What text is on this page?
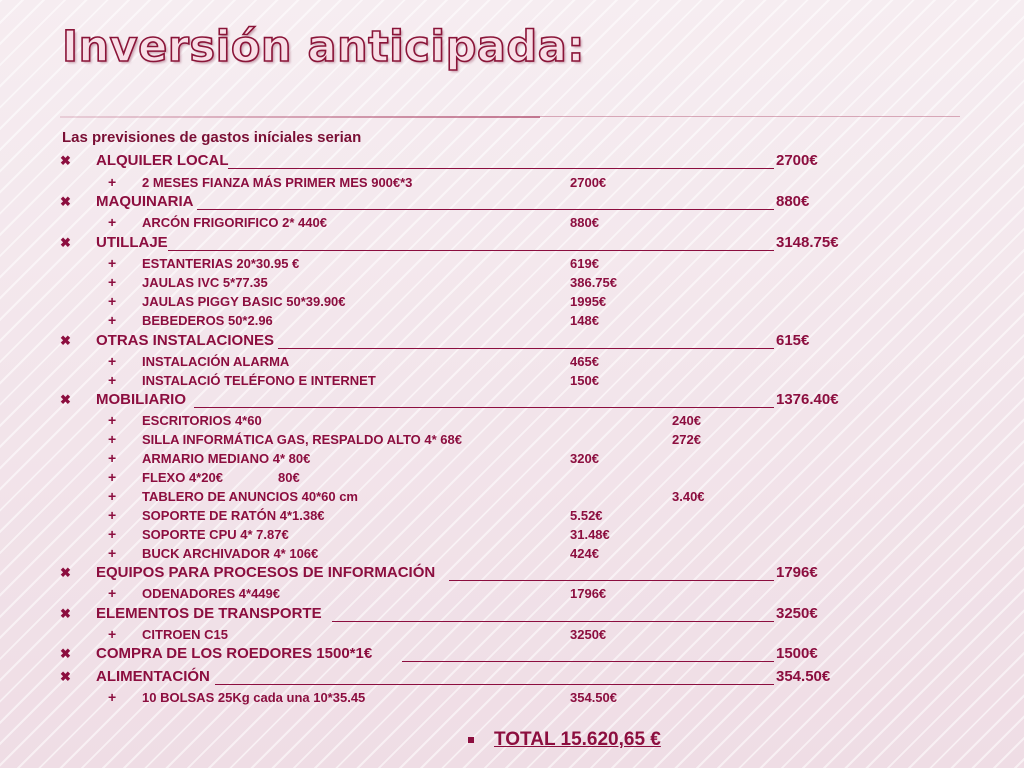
Inversión anticipada:
Las previsiones de gastos iníciales serian
✖ ALQUILER LOCAL	2700€
+ 2 MESES FIANZA MÁS PRIMER MES 900€*3	2700€
✖ MAQUINARIA	880€
+ ARCÓN FRIGORIFICO 2* 440€	880€
✖ UTILLAJE	3148.75€
+ ESTANTERIAS 20*30.95 €	619€
+ JAULAS IVC 5*77.35	386.75€
+ JAULAS PIGGY BASIC 50*39.90€	1995€
+ BEBEDEROS 50*2.96	148€
✖ OTRAS INSTALACIONES	615€
+ INSTALACIÓN ALARMA	465€
+ INSTALACIÓ TELÉFONO E INTERNET	150€
✖ MOBILIARIO	1376.40€
+ ESCRITORIOS 4*60	240€
+ SILLA INFORMÁTICA GAS, RESPALDO ALTO 4* 68€	272€
+ ARMARIO MEDIANO 4* 80€	320€
+ FLEXO 4*20€	80€
+ TABLERO DE ANUNCIOS 40*60 cm	3.40€
+ SOPORTE DE RATÓN 4*1.38€	5.52€
+ SOPORTE CPU 4* 7.87€	31.48€
+ BUCK ARCHIVADOR 4* 106€	424€
✖ EQUIPOS PARA PROCESOS DE INFORMACIÓN	1796€
+ ODENADORES 4*449€	1796€
✖ ELEMENTOS DE TRANSPORTE	3250€
+ CITROEN C15	3250€
✖ COMPRA DE LOS ROEDORES 1500*1€	1500€
✖ ALIMENTACIÓN	354.50€
+ 10 BOLSAS 25Kg cada una 10*35.45	354.50€
TOTAL 15.620,65 €
